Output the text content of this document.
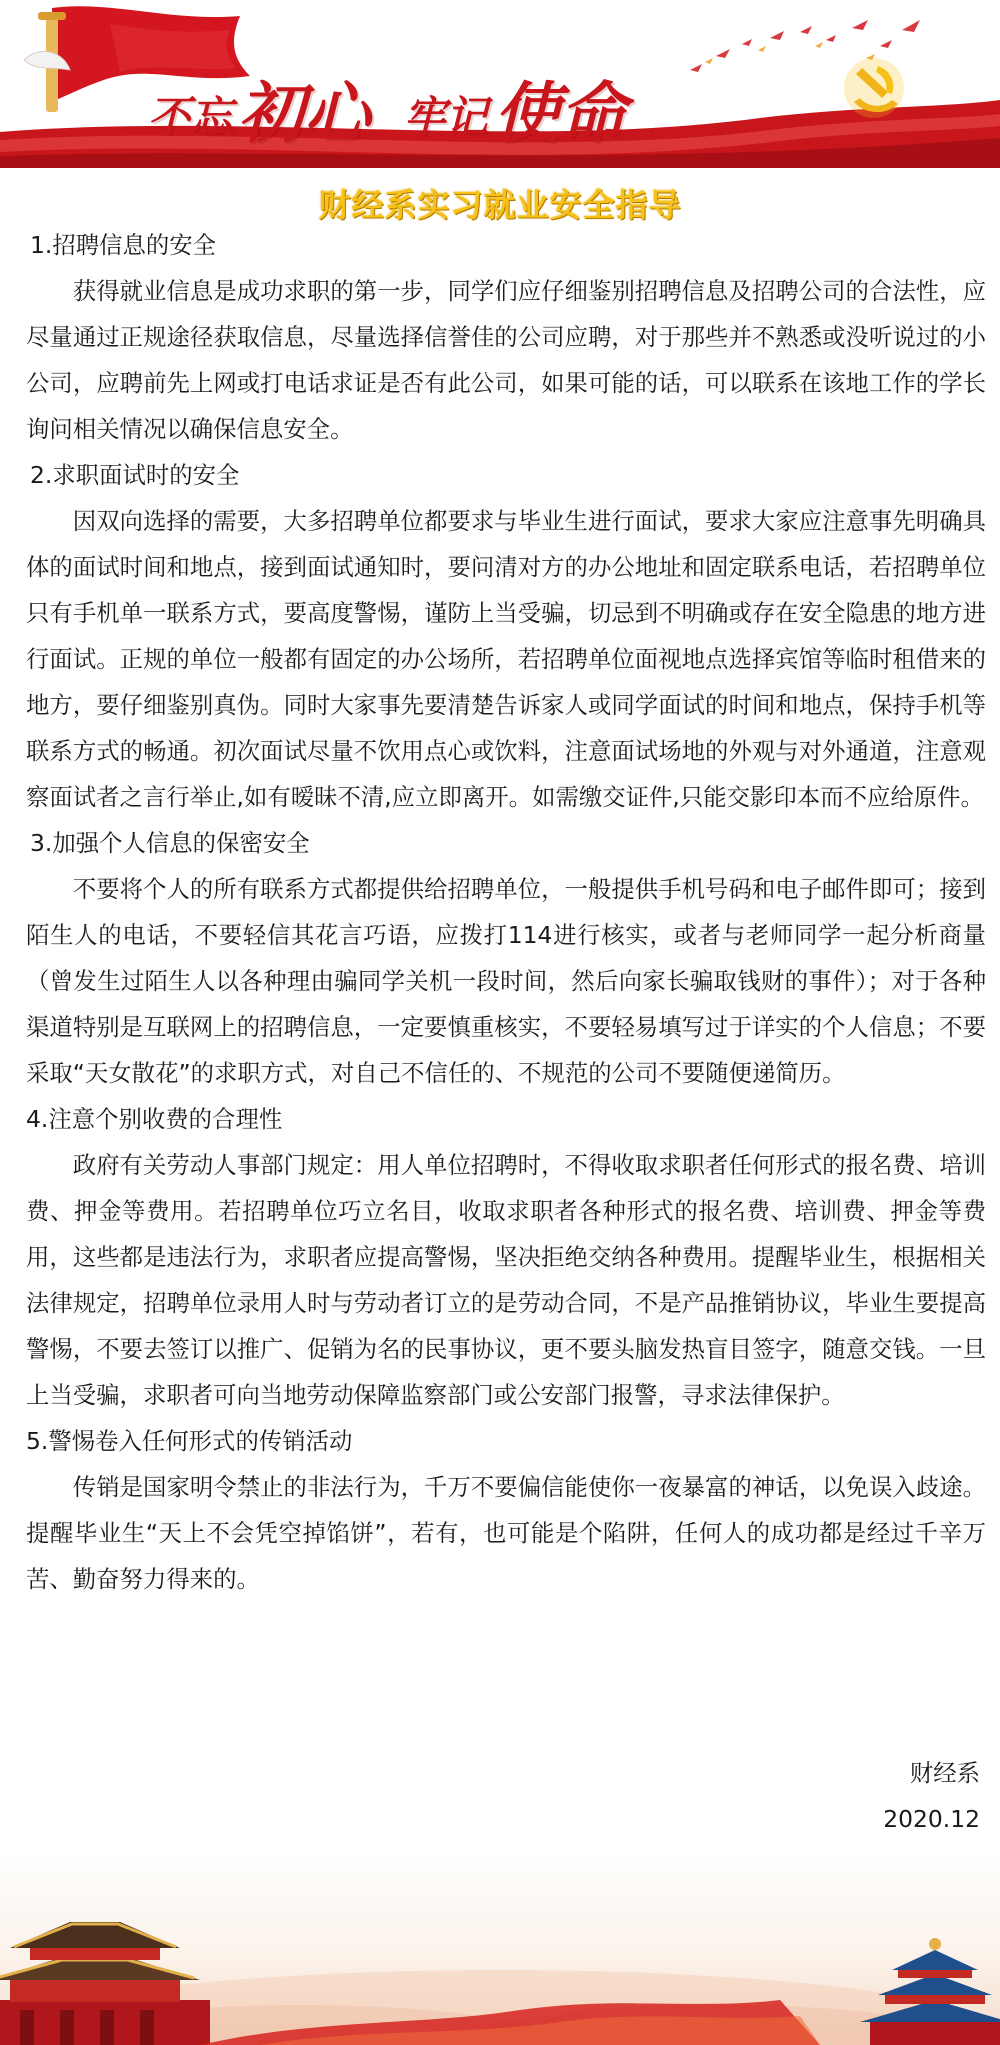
不忘 初心 牢记 使命
财经系实习就业安全指导
1.招聘信息的安全

获得就业信息是成功求职的第一步，同学们应仔细鉴别招聘信息及招聘公司的合法性，应尽量通过正规途径获取信息，尽量选择信誉佳的公司应聘，对于那些并不熟悉或没听说过的小公司，应聘前先上网或打电话求证是否有此公司，如果可能的话，可以联系在该地工作的学长询问相关情况以确保信息安全。

2.求职面试时的安全

因双向选择的需要，大多招聘单位都要求与毕业生进行面试，要求大家应注意事先明确具体的面试时间和地点，接到面试通知时，要问清对方的办公地址和固定联系电话，若招聘单位只有手机单一联系方式，要高度警惕，谨防上当受骗，切忌到不明确或存在安全隐患的地方进行面试。正规的单位一般都有固定的办公场所，若招聘单位面视地点选择宾馆等临时租借来的地方，要仔细鉴别真伪。同时大家事先要清楚告诉家人或同学面试的时间和地点，保持手机等联系方式的畅通。初次面试尽量不饮用点心或饮料，注意面试场地的外观与对外通道，注意观察面试者之言行举止,如有暧昧不清,应立即离开。如需缴交证件,只能交影印本而不应给原件。

3.加强个人信息的保密安全

不要将个人的所有联系方式都提供给招聘单位，一般提供手机号码和电子邮件即可；接到陌生人的电话，不要轻信其花言巧语，应拨打114进行核实，或者与老师同学一起分析商量（曾发生过陌生人以各种理由骗同学关机一段时间，然后向家长骗取钱财的事件）；对于各种渠道特别是互联网上的招聘信息，一定要慎重核实，不要轻易填写过于详实的个人信息；不要采取“天女散花”的求职方式，对自己不信任的、不规范的公司不要随便递简历。

4.注意个别收费的合理性

政府有关劳动人事部门规定：用人单位招聘时，不得收取求职者任何形式的报名费、培训费、押金等费用。若招聘单位巧立名目，收取求职者各种形式的报名费、培训费、押金等费用，这些都是违法行为，求职者应提高警惕，坚决拒绝交纳各种费用。提醒毕业生，根据相关法律规定，招聘单位录用人时与劳动者订立的是劳动合同，不是产品推销协议，毕业生要提高警惕，不要去签订以推广、促销为名的民事协议，更不要头脑发热盲目签字，随意交钱。一旦上当受骗，求职者可向当地劳动保障监察部门或公安部门报警，寻求法律保护。

5.警惕卷入任何形式的传销活动

传销是国家明令禁止的非法行为，千万不要偏信能使你一夜暴富的神话，以免误入歧途。提醒毕业生“天上不会凭空掉馅饼”，若有，也可能是个陷阱，任何人的成功都是经过千辛万苦、勤奋努力得来的。

财经系
2020.12
